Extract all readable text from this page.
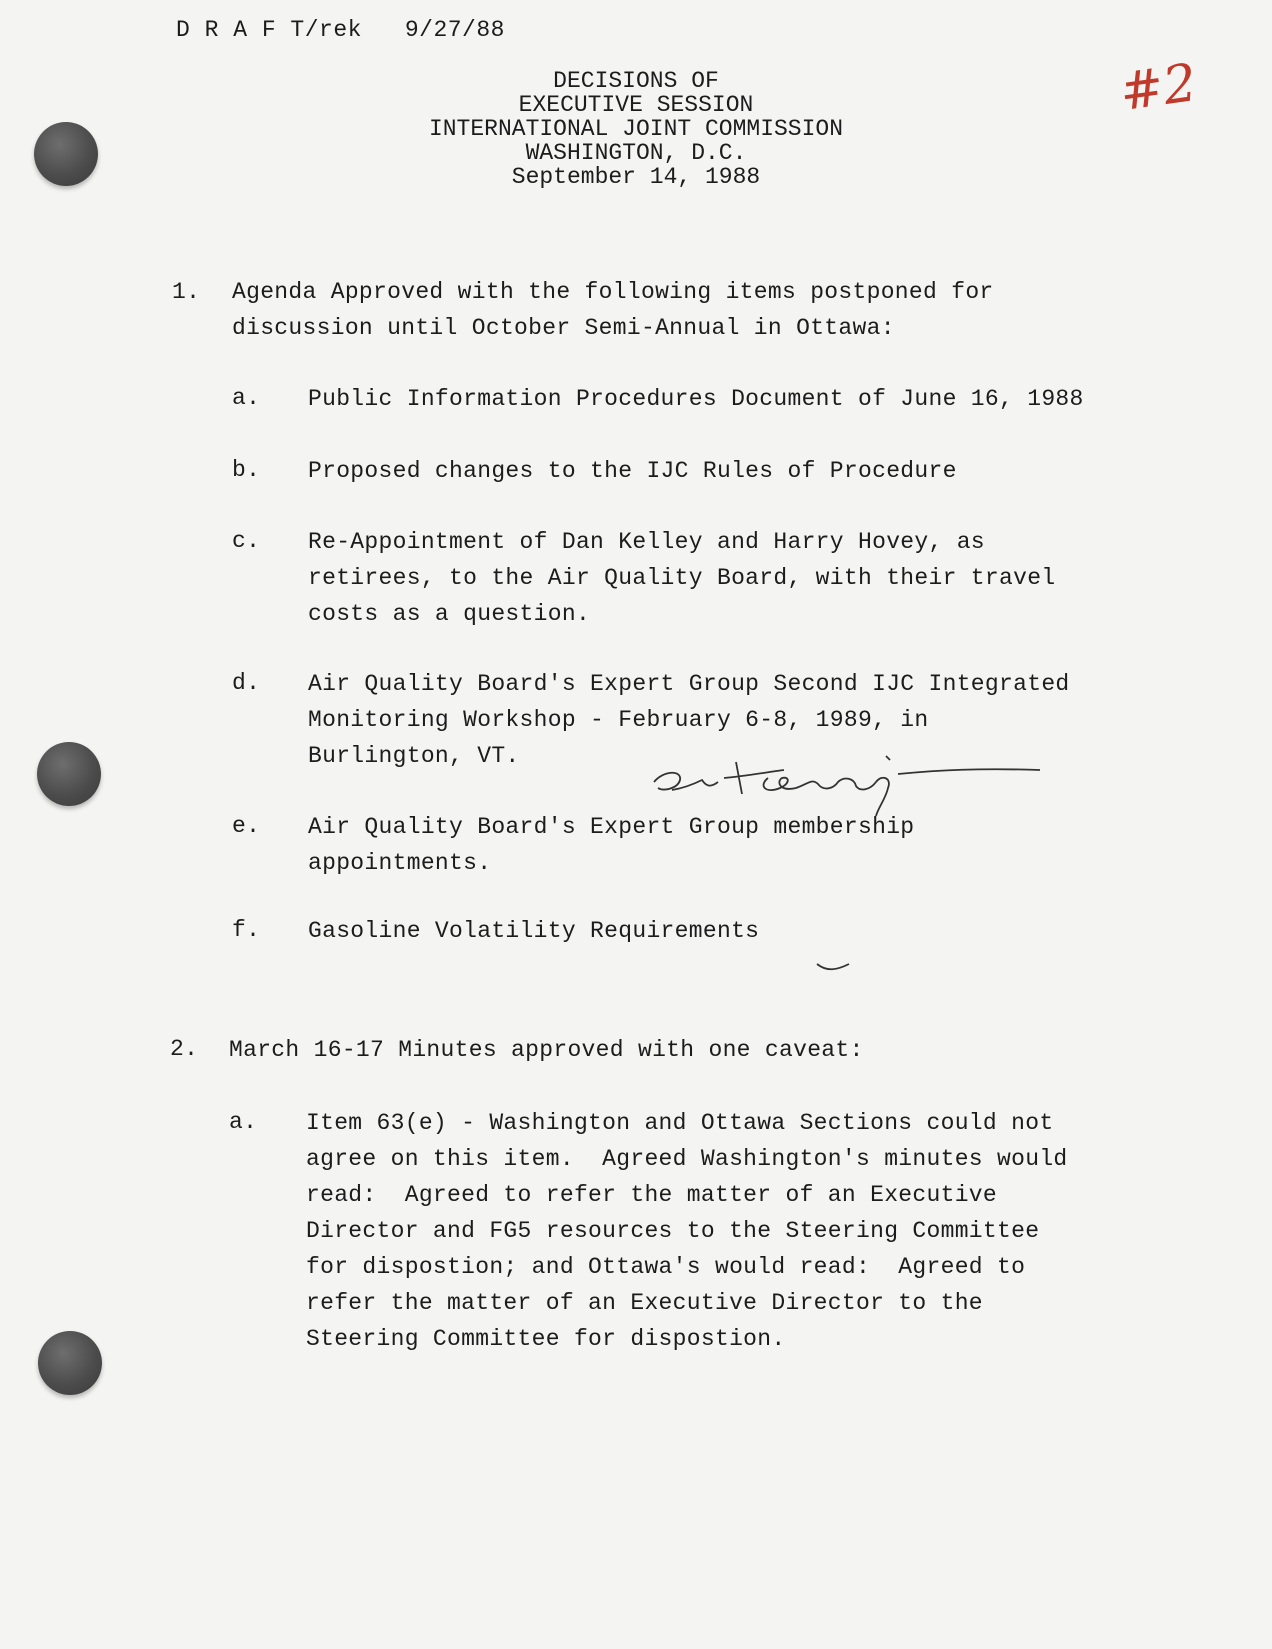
D R A F T/rek   9/27/88
#2
DECISIONS OF
EXECUTIVE SESSION
INTERNATIONAL JOINT COMMISSION
WASHINGTON, D.C.
September 14, 1988
1. Agenda Approved with the following items postponed for
discussion until October Semi-Annual in Ottawa:
a. Public Information Procedures Document of June 16, 1988
b. Proposed changes to the IJC Rules of Procedure
c. Re-Appointment of Dan Kelley and Harry Hovey, as
retirees, to the Air Quality Board, with their travel
costs as a question.
d. Air Quality Board's Expert Group Second IJC Integrated
Monitoring Workshop - February 6-8, 1989, in
Burlington, VT.
e. Air Quality Board's Expert Group membership
appointments.
f. Gasoline Volatility Requirements
2. March 16-17 Minutes approved with one caveat:
a. Item 63(e) - Washington and Ottawa Sections could not
agree on this item.  Agreed Washington's minutes would
read:  Agreed to refer the matter of an Executive
Director and FG5 resources to the Steering Committee
for dispostion; and Ottawa's would read:  Agreed to
refer the matter of an Executive Director to the
Steering Committee for dispostion.
